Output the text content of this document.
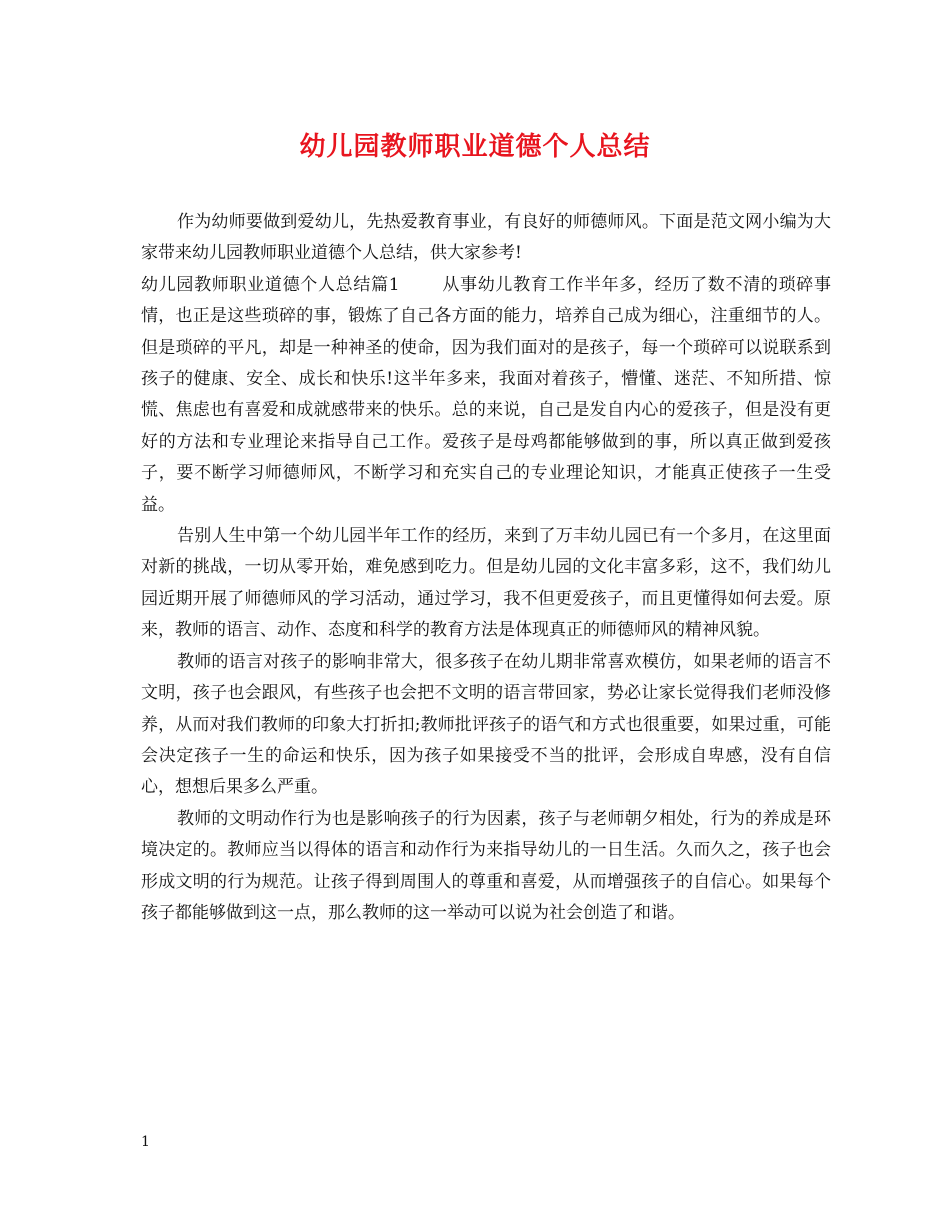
幼儿园教师职业道德个人总结

作为幼师要做到爱幼儿，先热爱教育事业，有良好的师德师风。下面是范文网小编为大家带来幼儿园教师职业道德个人总结，供大家参考!

幼儿园教师职业道德个人总结篇1	从事幼儿教育工作半年多，经历了数不清的琐碎事情，也正是这些琐碎的事，锻炼了自己各方面的能力，培养自己成为细心，注重细节的人。但是琐碎的平凡，却是一种神圣的使命，因为我们面对的是孩子，每一个琐碎可以说联系到孩子的健康、安全、成长和快乐!这半年多来，我面对着孩子，懵懂、迷茫、不知所措、惊慌、焦虑也有喜爱和成就感带来的快乐。总的来说，自己是发自内心的爱孩子，但是没有更好的方法和专业理论来指导自己工作。爱孩子是母鸡都能够做到的事，所以真正做到爱孩子，要不断学习师德师风，不断学习和充实自己的专业理论知识，才能真正使孩子一生受益。

告别人生中第一个幼儿园半年工作的经历，来到了万丰幼儿园已有一个多月，在这里面对新的挑战，一切从零开始，难免感到吃力。但是幼儿园的文化丰富多彩，这不，我们幼儿园近期开展了师德师风的学习活动，通过学习，我不但更爱孩子，而且更懂得如何去爱。原来，教师的语言、动作、态度和科学的教育方法是体现真正的师德师风的精神风貌。

教师的语言对孩子的影响非常大，很多孩子在幼儿期非常喜欢模仿，如果老师的语言不文明，孩子也会跟风，有些孩子也会把不文明的语言带回家，势必让家长觉得我们老师没修养，从而对我们教师的印象大打折扣;教师批评孩子的语气和方式也很重要，如果过重，可能会决定孩子一生的命运和快乐，因为孩子如果接受不当的批评，会形成自卑感，没有自信心，想想后果多么严重。

教师的文明动作行为也是影响孩子的行为因素，孩子与老师朝夕相处，行为的养成是环境决定的。教师应当以得体的语言和动作行为来指导幼儿的一日生活。久而久之，孩子也会形成文明的行为规范。让孩子得到周围人的尊重和喜爱，从而增强孩子的自信心。如果每个孩子都能够做到这一点，那么教师的这一举动可以说为社会创造了和谐。

1
